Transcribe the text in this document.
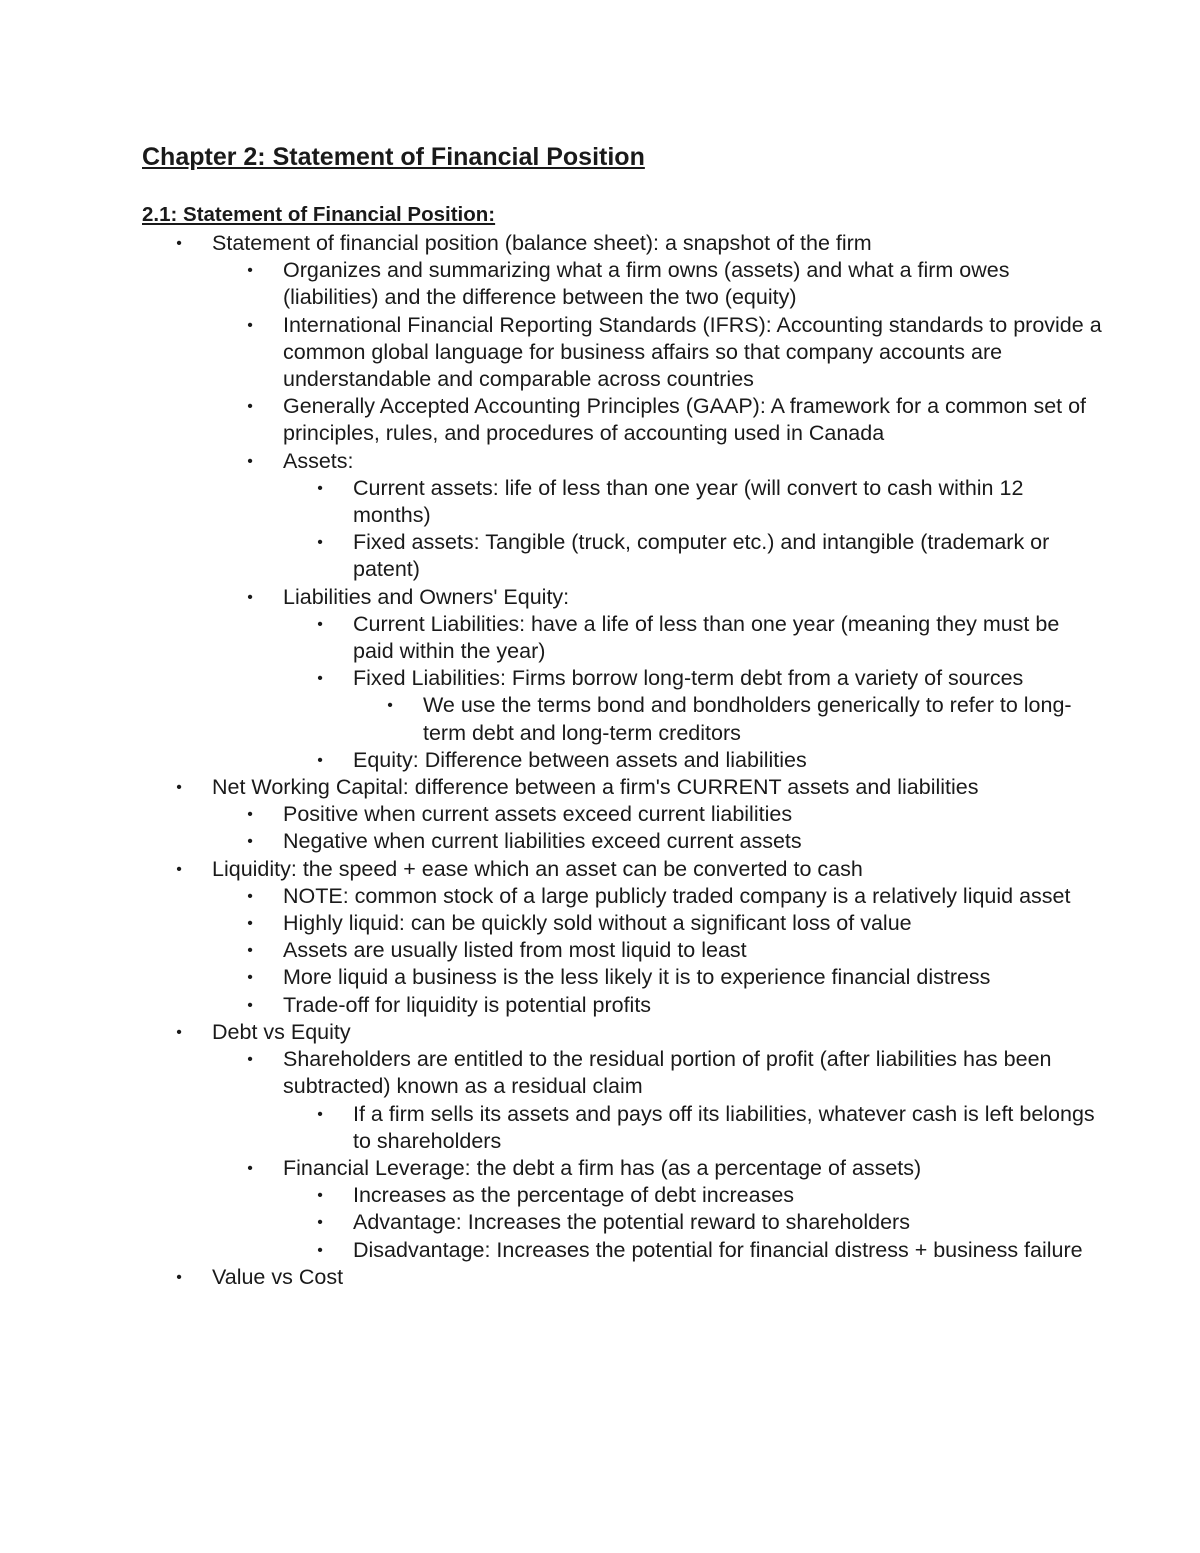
Chapter 2: Statement of Financial Position
2.1: Statement of Financial Position:
• Statement of financial position (balance sheet): a snapshot of the firm
• Organizes and summarizing what a firm owns (assets) and what a firm owes (liabilities) and the difference between the two (equity)
• International Financial Reporting Standards (IFRS): Accounting standards to provide a common global language for business affairs so that company accounts are understandable and comparable across countries
• Generally Accepted Accounting Principles (GAAP): A framework for a common set of principles, rules, and procedures of accounting used in Canada
• Assets:
• Current assets: life of less than one year (will convert to cash within 12 months)
• Fixed assets: Tangible (truck, computer etc.) and intangible (trademark or patent)
• Liabilities and Owners' Equity:
• Current Liabilities: have a life of less than one year (meaning they must be paid within the year)
• Fixed Liabilities: Firms borrow long-term debt from a variety of sources
• We use the terms bond and bondholders generically to refer to long-term debt and long-term creditors
• Equity: Difference between assets and liabilities
• Net Working Capital: difference between a firm's CURRENT assets and liabilities
• Positive when current assets exceed current liabilities
• Negative when current liabilities exceed current assets
• Liquidity: the speed + ease which an asset can be converted to cash
• NOTE: common stock of a large publicly traded company is a relatively liquid asset
• Highly liquid: can be quickly sold without a significant loss of value
• Assets are usually listed from most liquid to least
• More liquid a business is the less likely it is to experience financial distress
• Trade-off for liquidity is potential profits
• Debt vs Equity
• Shareholders are entitled to the residual portion of profit (after liabilities has been subtracted) known as a residual claim
• If a firm sells its assets and pays off its liabilities, whatever cash is left belongs to shareholders
• Financial Leverage: the debt a firm has (as a percentage of assets)
• Increases as the percentage of debt increases
• Advantage: Increases the potential reward to shareholders
• Disadvantage: Increases the potential for financial distress + business failure
• Value vs Cost
